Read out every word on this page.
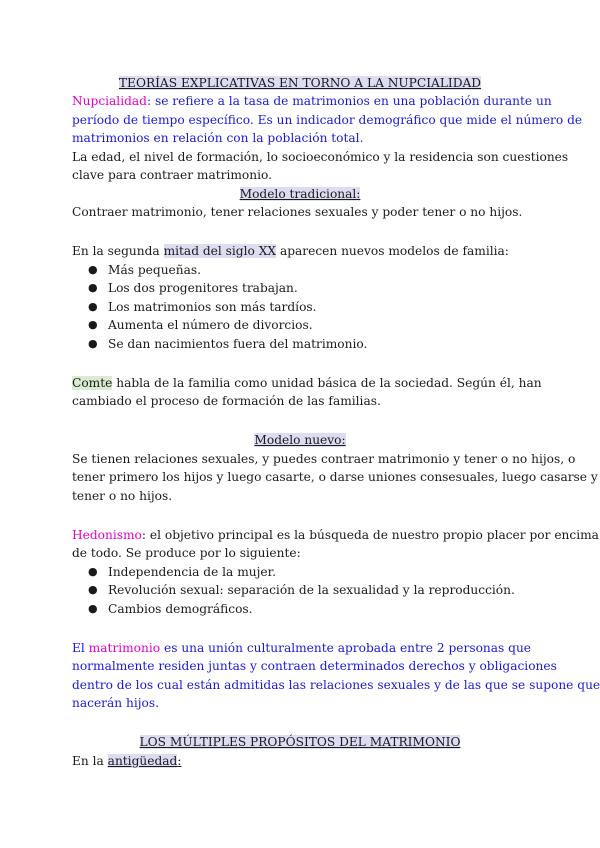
TEORÍAS EXPLICATIVAS EN TORNO A LA NUPCIALIDAD
Nupcialidad: se refiere a la tasa de matrimonios en una población durante un
período de tiempo específico. Es un indicador demográfico que mide el número de
matrimonios en relación con la población total.
La edad, el nivel de formación, lo socioeconómico y la residencia son cuestiones
clave para contraer matrimonio.
Modelo tradicional:
Contraer matrimonio, tener relaciones sexuales y poder tener o no hijos.
En la segunda mitad del siglo XX aparecen nuevos modelos de familia:
● Más pequeñas.
● Los dos progenitores trabajan.
● Los matrimonios son más tardíos.
● Aumenta el número de divorcios.
● Se dan nacimientos fuera del matrimonio.
Comte habla de la familia como unidad básica de la sociedad. Según él, han
cambiado el proceso de formación de las familias.
Modelo nuevo:
Se tienen relaciones sexuales, y puedes contraer matrimonio y tener o no hijos, o
tener primero los hijos y luego casarte, o darse uniones consesuales, luego casarse y
tener o no hijos.
Hedonismo: el objetivo principal es la búsqueda de nuestro propio placer por encima
de todo. Se produce por lo siguiente:
● Independencia de la mujer.
● Revolución sexual: separación de la sexualidad y la reproducción.
● Cambios demográficos.
El matrimonio es una unión culturalmente aprobada entre 2 personas que
normalmente residen juntas y contraen determinados derechos y obligaciones
dentro de los cual están admitidas las relaciones sexuales y de las que se supone que
nacerán hijos.
LOS MÚLTIPLES PROPÓSITOS DEL MATRIMONIO
En la antigüedad:
